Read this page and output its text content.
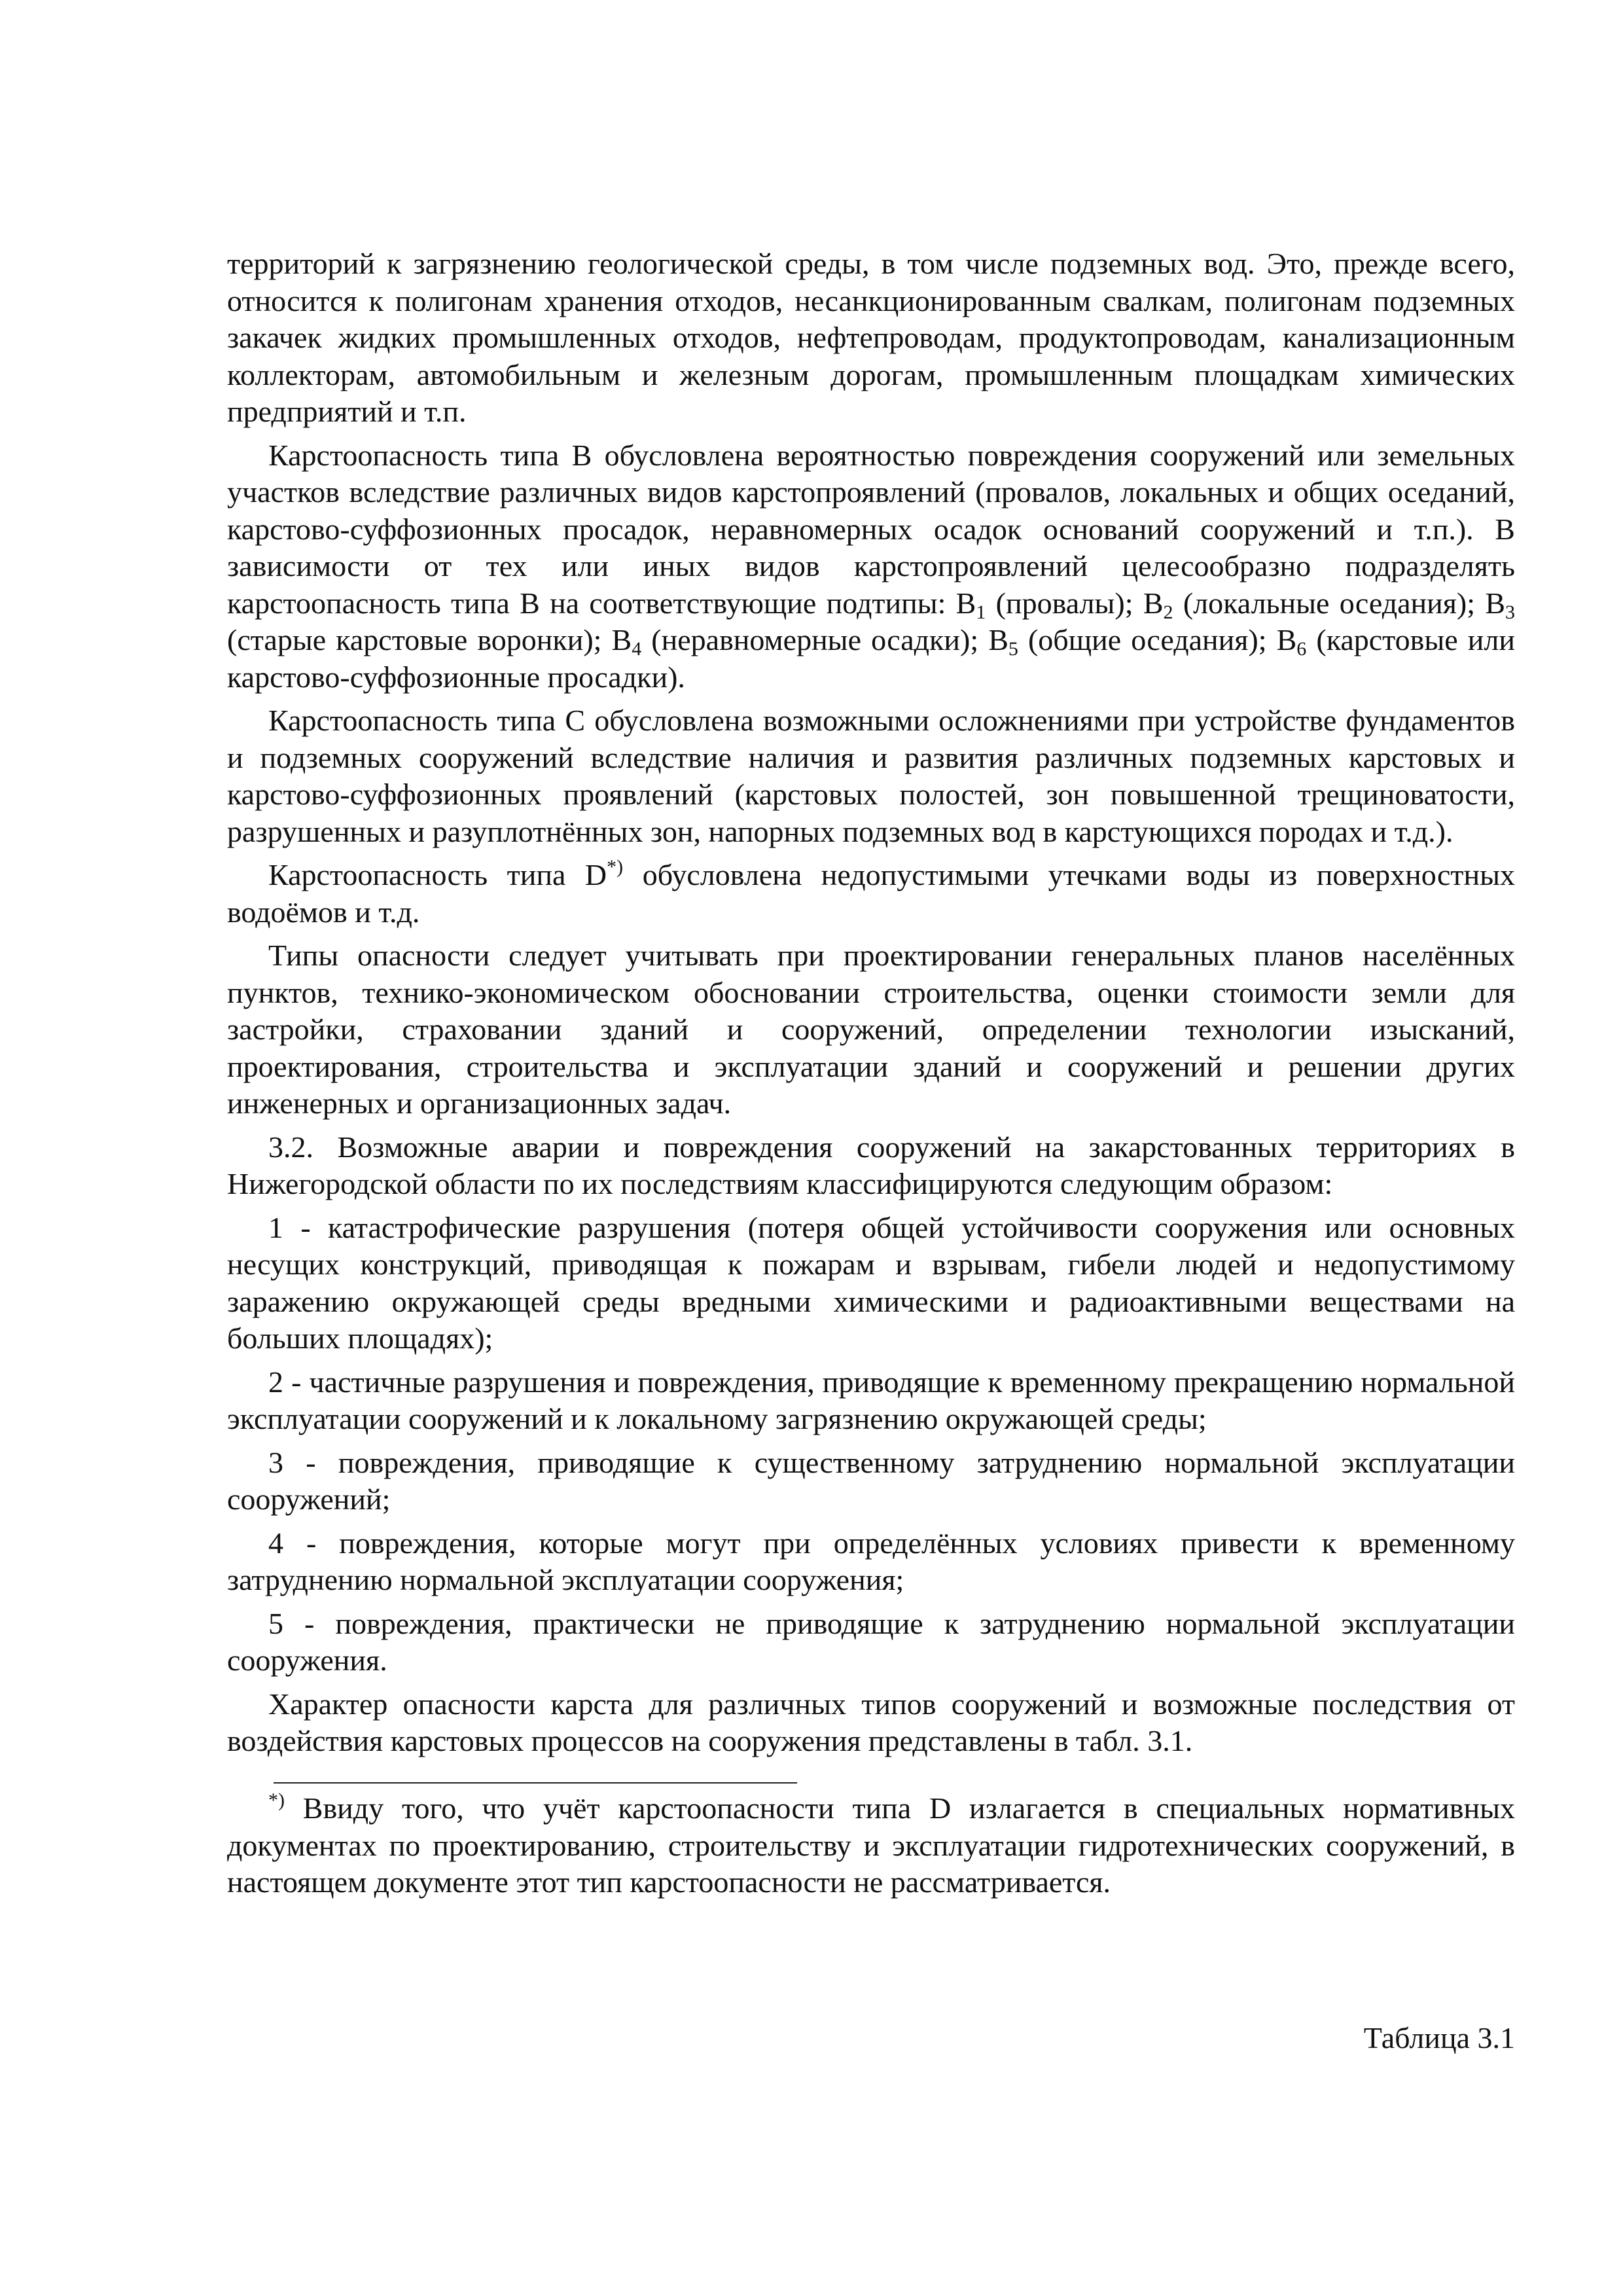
территорий к загрязнению геологической среды, в том числе подземных вод. Это, прежде всего, относится к полигонам хранения отходов, несанкционированным свалкам, полигонам подземных закачек жидких промышленных отходов, нефтепроводам, продуктопроводам, канализационным коллекторам, автомобильным и железным дорогам, промышленным площадкам химических предприятий и т.п.

Карстоопасность типа В обусловлена вероятностью повреждения сооружений или земельных участков вследствие различных видов карстопроявлений (провалов, локальных и общих оседаний, карстово-суффозионных просадок, неравномерных осадок оснований сооружений и т.п.). В зависимости от тех или иных видов карстопроявлений целесообразно подразделять карстоопасность типа В на соответствующие подтипы: $В_1$ (провалы); $В_2$ (локальные оседания); $В_3$ (старые карстовые воронки); $В_4$ (неравномерные осадки); $В_5$ (общие оседания); $В_6$ (карстовые или карстово-суффозионные просадки).

Карстоопасность типа С обусловлена возможными осложнениями при устройстве фундаментов и подземных сооружений вследствие наличия и развития различных подземных карстовых и карстово-суффозионных проявлений (карстовых полостей, зон повышенной трещиноватости, разрушенных и разуплотнённых зон, напорных подземных вод в карстующихся породах и т.д.).

Карстоопасность типа D*) обусловлена недопустимыми утечками воды из поверхностных водоёмов и т.д.

Типы опасности следует учитывать при проектировании генеральных планов населённых пунктов, технико-экономическом обосновании строительства, оценки стоимости земли для застройки, страховании зданий и сооружений, определении технологии изысканий, проектирования, строительства и эксплуатации зданий и сооружений и решении других инженерных и организационных задач.

3.2. Возможные аварии и повреждения сооружений на закарстованных территориях в Нижегородской области по их последствиям классифицируются следующим образом:

1 - катастрофические разрушения (потеря общей устойчивости сооружения или основных несущих конструкций, приводящая к пожарам и взрывам, гибели людей и недопустимому заражению окружающей среды вредными химическими и радиоактивными веществами на больших площадях);

2 - частичные разрушения и повреждения, приводящие к временному прекращению нормальной эксплуатации сооружений и к локальному загрязнению окружающей среды;

3 - повреждения, приводящие к существенному затруднению нормальной эксплуатации сооружений;

4 - повреждения, которые могут при определённых условиях привести к временному затруднению нормальной эксплуатации сооружения;

5 - повреждения, практически не приводящие к затруднению нормальной эксплуатации сооружения.

Характер опасности карста для различных типов сооружений и возможные последствия от воздействия карстовых процессов на сооружения представлены в табл. 3.1.

*) Ввиду того, что учёт карстоопасности типа D излагается в специальных нормативных документах по проектированию, строительству и эксплуатации гидротехнических сооружений, в настоящем документе этот тип карстоопасности не рассматривается.
Таблица 3.1
